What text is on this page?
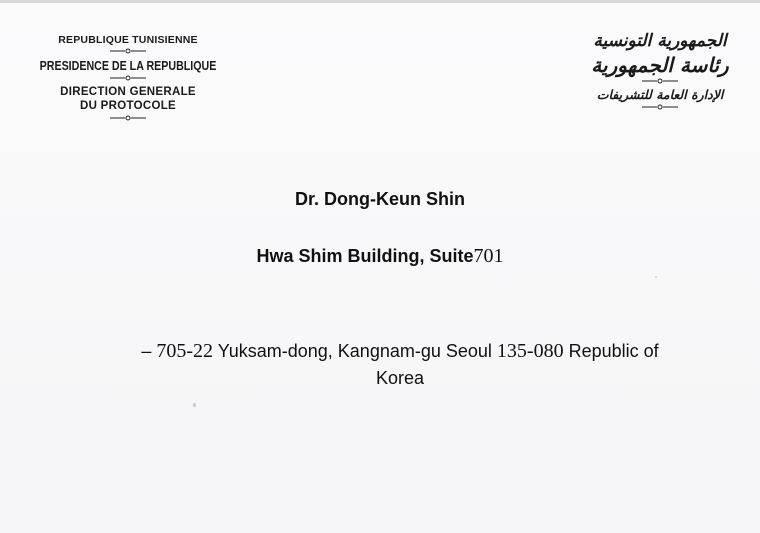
REPUBLIQUE TUNISIENNE
PRESIDENCE DE LA REPUBLIQUE
DIRECTION GENERALE
DU PROTOCOLE
الجمهورية التونسية
رئاسة الجمهورية
الإدارة العامة للتشريفات
Dr. Dong-Keun Shin
Hwa Shim Building, Suite701
– 705-22 Yuksam-dong, Kangnam-gu Seoul 135-080 Republic of
Korea
